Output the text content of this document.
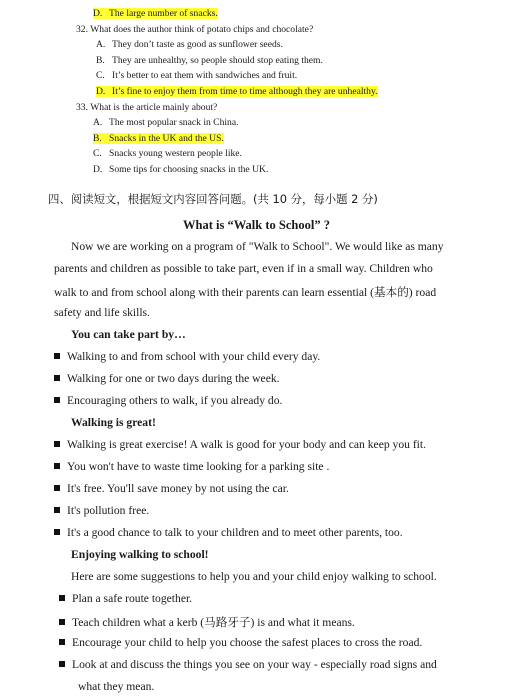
D. The large number of snacks.
32. What does the author think of potato chips and chocolate?
A. They don’t taste as good as sunflower seeds.
B. They are unhealthy, so people should stop eating them.
C. It’s better to eat them with sandwiches and fruit.
D. It’s fine to enjoy them from time to time although they are unhealthy.
33. What is the article mainly about?
A. The most popular snack in China.
B. Snacks in the UK and the US.
C. Snacks young western people like.
D. Some tips for choosing snacks in the UK.
四、阅读短文，根据短文内容回答问题。(共 10 分，每小题 2 分)
What is “Walk to School” ?
Now we are working on a program of "Walk to School". We would like as many
parents and children as possible to take part, even if in a small way. Children who
walk to and from school along with their parents can learn essential (基本的) road
safety and life skills.
You can take part by…
Walking to and from school with your child every day.
Walking for one or two days during the week.
Encouraging others to walk, if you already do.
Walking is great!
Walking is great exercise! A walk is good for your body and can keep you fit.
You won't have to waste time looking for a parking site .
It's free. You'll save money by not using the car.
It's pollution free.
It's a good chance to talk to your children and to meet other parents, too.
Enjoying walking to school!
Here are some suggestions to help you and your child enjoy walking to school.
Plan a safe route together.
Teach children what a kerb (马路牙子) is and what it means.
Encourage your child to help you choose the safest places to cross the road.
Look at and discuss the things you see on your way - especially road signs and
what they mean.
